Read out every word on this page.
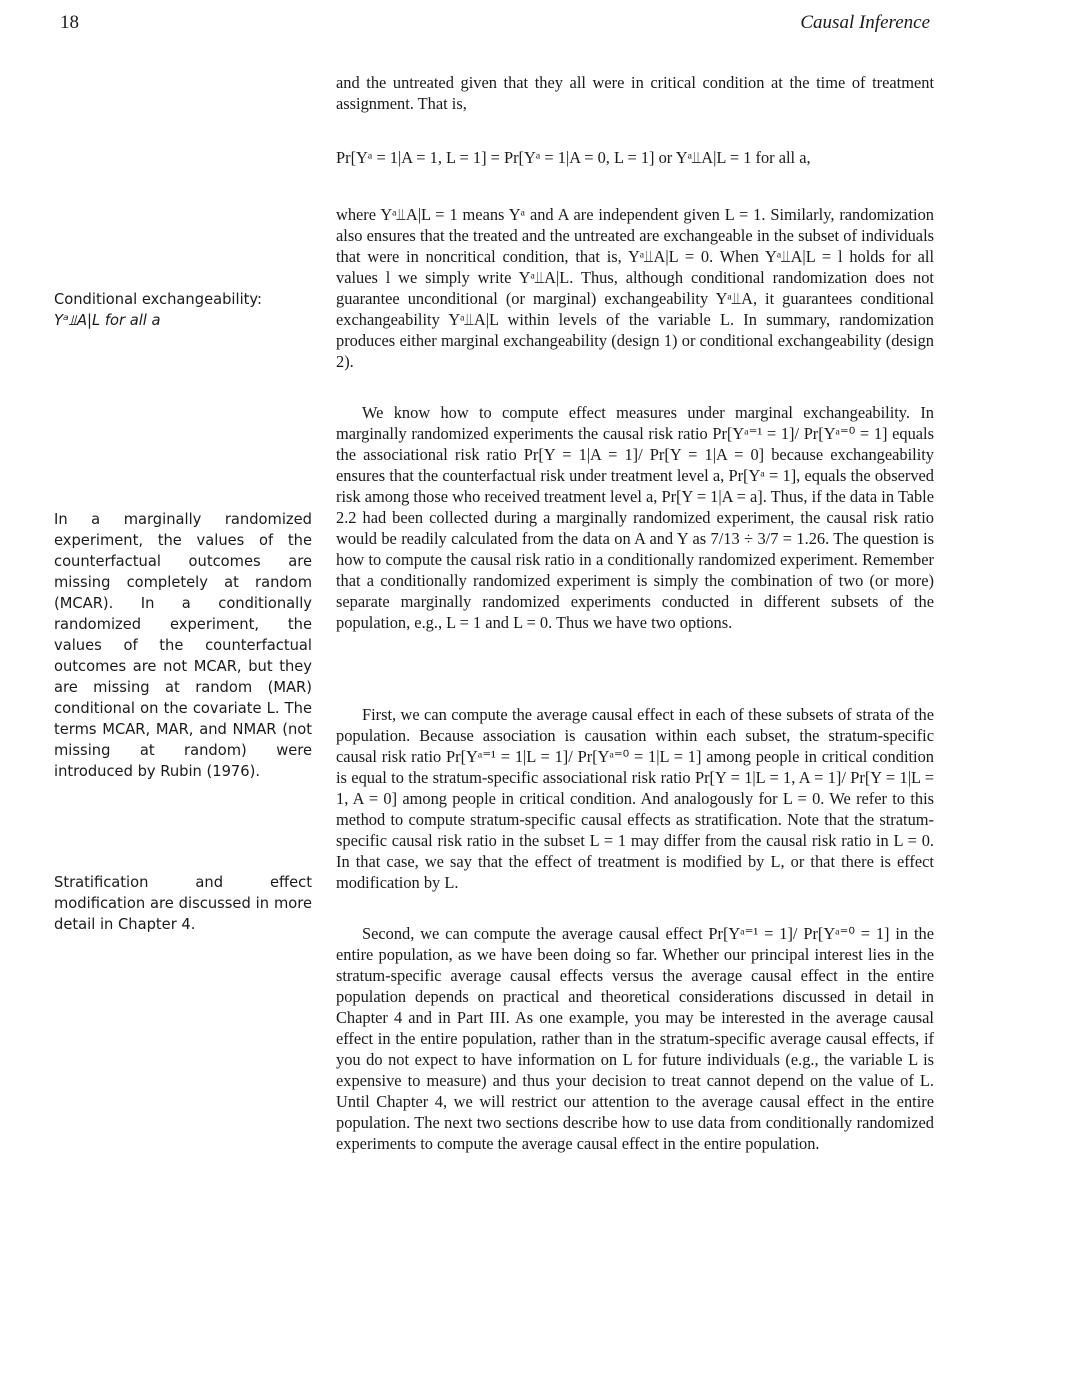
18	Causal Inference

and the untreated given that they all were in critical condition at the time of treatment assignment. That is,

Pr[Yᵃ = 1|A = 1, L = 1] = Pr[Yᵃ = 1|A = 0, L = 1] or Yᵃ⫫A|L = 1 for all a,

where Yᵃ⫫A|L = 1 means Yᵃ and A are independent given L = 1. Similarly, randomization also ensures that the treated and the untreated are exchangeable in the subset of individuals that were in noncritical condition, that is, Yᵃ⫫A|L = 0. When Yᵃ⫫A|L = l holds for all values l we simply write Yᵃ⫫A|L. Thus, although conditional randomization does not guarantee unconditional (or marginal) exchangeability Yᵃ⫫A, it guarantees conditional exchangeability Yᵃ⫫A|L within levels of the variable L. In summary, randomization produces either marginal exchangeability (design 1) or conditional exchangeability (design 2).

We know how to compute effect measures under marginal exchangeability. In marginally randomized experiments the causal risk ratio Pr[Yᵃ⁼¹ = 1]/ Pr[Yᵃ⁼⁰ = 1] equals the associational risk ratio Pr[Y = 1|A = 1]/ Pr[Y = 1|A = 0] because exchangeability ensures that the counterfactual risk under treatment level a, Pr[Yᵃ = 1], equals the observed risk among those who received treatment level a, Pr[Y = 1|A = a]. Thus, if the data in Table 2.2 had been collected during a marginally randomized experiment, the causal risk ratio would be readily calculated from the data on A and Y as 7/13 ÷ 3/7 = 1.26. The question is how to compute the causal risk ratio in a conditionally randomized experiment. Remember that a conditionally randomized experiment is simply the combination of two (or more) separate marginally randomized experiments conducted in different subsets of the population, e.g., L = 1 and L = 0. Thus we have two options.

First, we can compute the average causal effect in each of these subsets of strata of the population. Because association is causation within each subset, the stratum-specific causal risk ratio Pr[Yᵃ⁼¹ = 1|L = 1]/ Pr[Yᵃ⁼⁰ = 1|L = 1] among people in critical condition is equal to the stratum-specific associational risk ratio Pr[Y = 1|L = 1, A = 1]/ Pr[Y = 1|L = 1, A = 0] among people in critical condition. And analogously for L = 0. We refer to this method to compute stratum-specific causal effects as stratification. Note that the stratum-specific causal risk ratio in the subset L = 1 may differ from the causal risk ratio in L = 0. In that case, we say that the effect of treatment is modified by L, or that there is effect modification by L.

Second, we can compute the average causal effect Pr[Yᵃ⁼¹ = 1]/ Pr[Yᵃ⁼⁰ = 1] in the entire population, as we have been doing so far. Whether our principal interest lies in the stratum-specific average causal effects versus the average causal effect in the entire population depends on practical and theoretical considerations discussed in detail in Chapter 4 and in Part III. As one example, you may be interested in the average causal effect in the entire population, rather than in the stratum-specific average causal effects, if you do not expect to have information on L for future individuals (e.g., the variable L is expensive to measure) and thus your decision to treat cannot depend on the value of L. Until Chapter 4, we will restrict our attention to the average causal effect in the entire population. The next two sections describe how to use data from conditionally randomized experiments to compute the average causal effect in the entire population.

Conditional exchangeability:

Yᵃ⫫A|L for all a

In a marginally randomized experiment, the values of the counterfactual outcomes are missing completely at random (MCAR). In a conditionally randomized experiment, the values of the counterfactual outcomes are not MCAR, but they are missing at random (MAR) conditional on the covariate L. The terms MCAR, MAR, and NMAR (not missing at random) were introduced by Rubin (1976).

Stratification and effect modification are discussed in more detail in Chapter 4.
